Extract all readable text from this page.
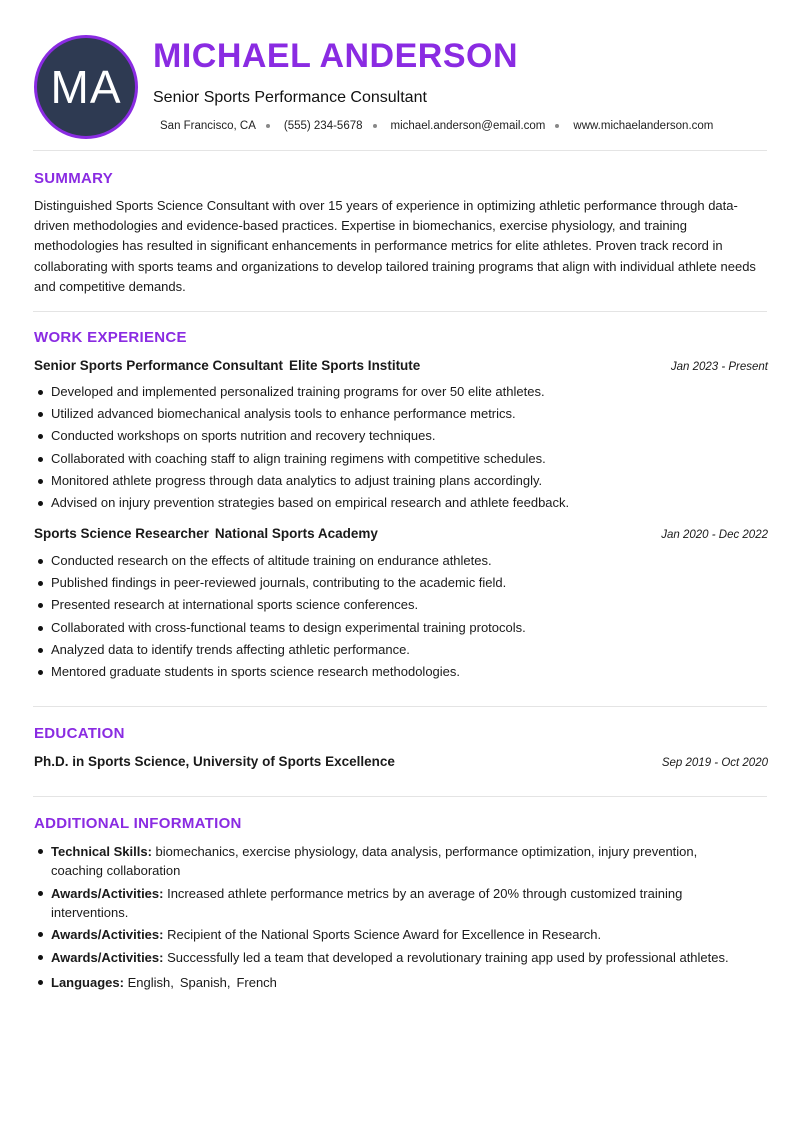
MA
MICHAEL ANDERSON
Senior Sports Performance Consultant
San Francisco, CA (555) 234-5678 michael.anderson@email.com www.michaelanderson.com
SUMMARY
Distinguished Sports Science Consultant with over 15 years of experience in optimizing athletic performance through data-driven methodologies and evidence-based practices. Expertise in biomechanics, exercise physiology, and training methodologies has resulted in significant enhancements in performance metrics for elite athletes. Proven track record in collaborating with sports teams and organizations to develop tailored training programs that align with individual athlete needs and competitive demands.
WORK EXPERIENCE
Senior Sports Performance Consultant Elite Sports Institute	Jan 2023 - Present
Developed and implemented personalized training programs for over 50 elite athletes.
Utilized advanced biomechanical analysis tools to enhance performance metrics.
Conducted workshops on sports nutrition and recovery techniques.
Collaborated with coaching staff to align training regimens with competitive schedules.
Monitored athlete progress through data analytics to adjust training plans accordingly.
Advised on injury prevention strategies based on empirical research and athlete feedback.
Sports Science Researcher National Sports Academy	Jan 2020 - Dec 2022
Conducted research on the effects of altitude training on endurance athletes.
Published findings in peer-reviewed journals, contributing to the academic field.
Presented research at international sports science conferences.
Collaborated with cross-functional teams to design experimental training protocols.
Analyzed data to identify trends affecting athletic performance.
Mentored graduate students in sports science research methodologies.
EDUCATION
Ph.D. in Sports Science, University of Sports Excellence	Sep 2019 - Oct 2020
ADDITIONAL INFORMATION
Technical Skills: biomechanics, exercise physiology, data analysis, performance optimization, injury prevention, coaching collaboration
Awards/Activities: Increased athlete performance metrics by an average of 20% through customized training interventions.
Awards/Activities: Recipient of the National Sports Science Award for Excellence in Research.
Awards/Activities: Successfully led a team that developed a revolutionary training app used by professional athletes.
Languages: English, Spanish, French
